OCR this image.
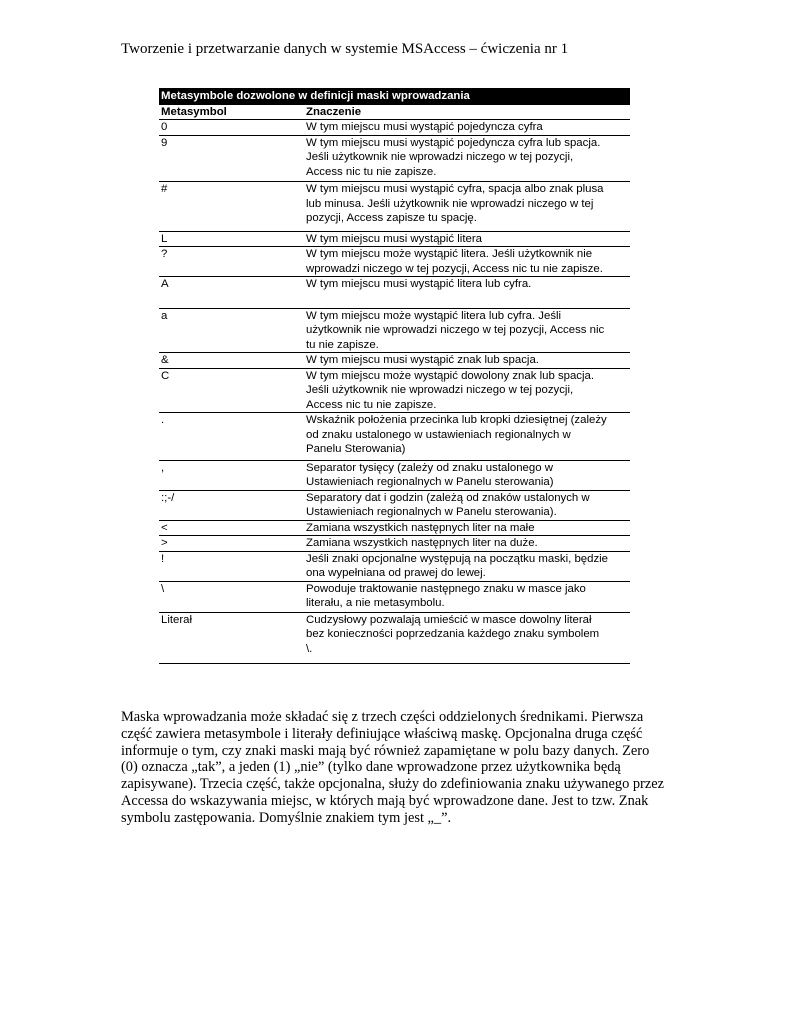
Tworzenie i przetwarzanie danych w systemie MSAccess – ćwiczenia nr 1
Metasymbole dozwolone w definicji maski wprowadzania	
Metasymbol	Znaczenie
0	W tym miejscu musi wystąpić pojedyncza cyfra
9	W tym miejscu musi wystąpić pojedyncza cyfra lub spacja.
Jeśli użytkownik nie wprowadzi niczego w tej pozycji,
Access nic tu nie zapisze.
#	W tym miejscu musi wystąpić cyfra, spacja albo znak plusa
lub minusa. Jeśli użytkownik nie wprowadzi niczego w tej
pozycji, Access zapisze tu spację.
L	W tym miejscu musi wystąpić litera
?	W tym miejscu może wystąpić litera. Jeśli użytkownik nie
wprowadzi niczego w tej pozycji, Access nic tu nie zapisze.
A	W tym miejscu musi wystąpić litera lub cyfra.
a	W tym miejscu może wystąpić litera lub cyfra. Jeśli
użytkownik nie wprowadzi niczego w tej pozycji, Access nic
tu nie zapisze.
&	W tym miejscu musi wystąpić znak lub spacja.
C	W tym miejscu może wystąpić dowolony znak lub spacja.
Jeśli użytkownik nie wprowadzi niczego w tej pozycji,
Access nic tu nie zapisze.
.	Wskaźnik położenia przecinka lub kropki dziesiętnej (zależy
od znaku ustalonego w ustawieniach regionalnych w
Panelu Sterowania)
,	Separator tysięcy (zależy od znaku ustalonego w
Ustawieniach regionalnych w Panelu sterowania)
:;-/	Separatory dat i godzin (zależą od znaków ustalonych w
Ustawieniach regionalnych w Panelu sterowania).
<	Zamiana wszystkich następnych liter na małe
>	Zamiana wszystkich następnych liter na duże.
!	Jeśli znaki opcjonalne występują na początku maski, będzie
ona wypełniana od prawej do lewej.
\	Powoduje traktowanie następnego znaku w masce jako
literału, a nie metasymbolu.
Literał	Cudzysłowy pozwalają umieścić w masce dowolny literał
bez konieczności poprzedzania każdego znaku symbolem
\.

Maska wprowadzania może składać się z trzech części oddzielonych średnikami. Pierwsza
część zawiera metasymbole i literały definiujące właściwą maskę. Opcjonalna druga część
informuje o tym, czy znaki maski mają być również zapamiętane w polu bazy danych. Zero
(0) oznacza „tak”, a jeden (1) „nie” (tylko dane wprowadzone przez użytkownika będą
zapisywane). Trzecia część, także opcjonalna, służy do zdefiniowania znaku używanego przez
Accessa do wskazywania miejsc, w których mają być wprowadzone dane. Jest to tzw. Znak
symbolu zastępowania. Domyślnie znakiem tym jest „_”.
